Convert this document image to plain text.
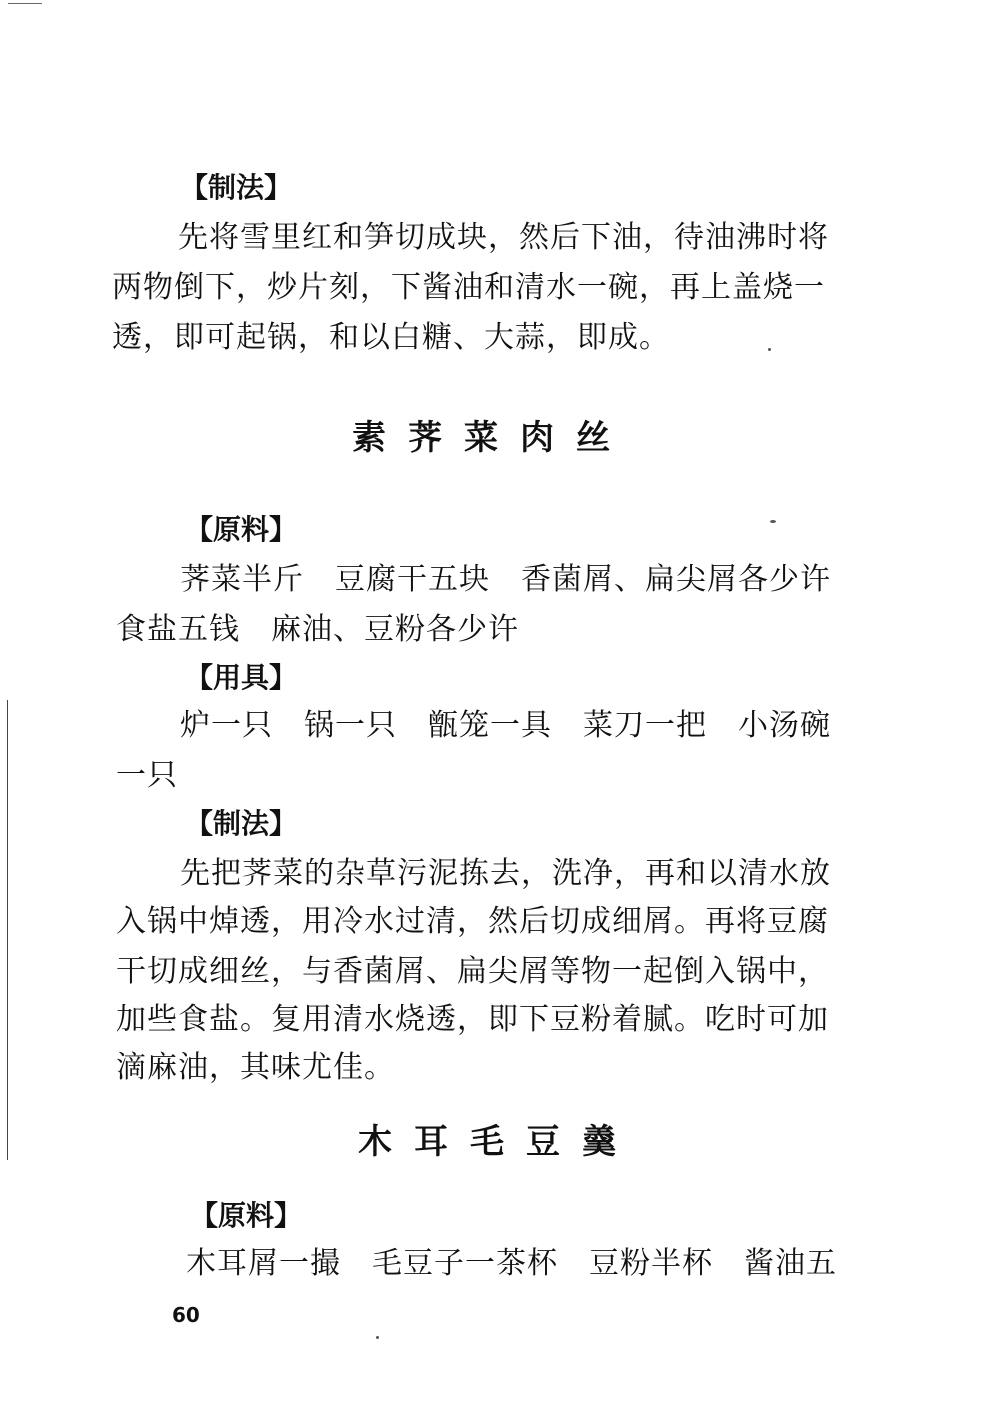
【制法】
先将雪里红和笋切成块，然后下油，待油沸时将
两物倒下，炒片刻，下酱油和清水一碗，再上盖烧一
透，即可起锅，和以白糖、大蒜，即成。
素荠菜肉丝
【原料】
荠菜半斤　豆腐干五块　香菌屑、扁尖屑各少许
食盐五钱　麻油、豆粉各少许
【用具】
炉一只　锅一只　甑笼一具　菜刀一把　小汤碗
一只
【制法】
先把荠菜的杂草污泥拣去，洗净，再和以清水放
入锅中焯透，用冷水过清，然后切成细屑。再将豆腐
干切成细丝，与香菌屑、扁尖屑等物一起倒入锅中，
加些食盐。复用清水烧透，即下豆粉着腻。吃时可加
滴麻油，其味尤佳。
木耳毛豆羹
【原料】
木耳屑一撮　毛豆子一茶杯　豆粉半杯　酱油五
60
